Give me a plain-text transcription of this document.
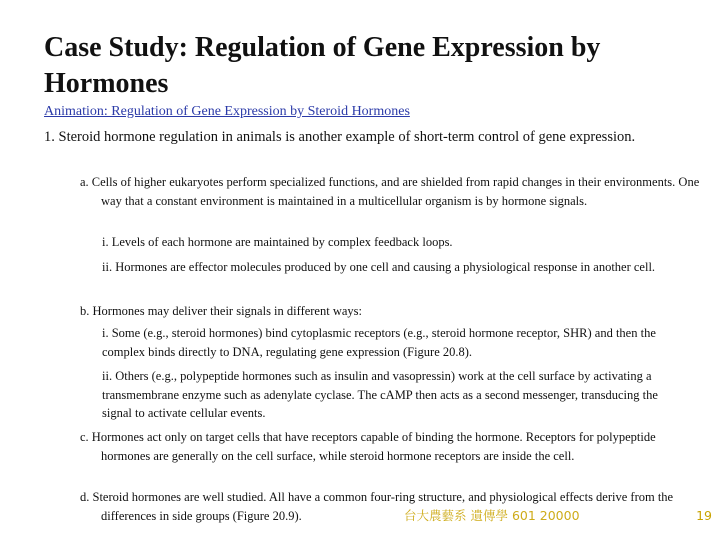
Case Study: Regulation of Gene Expression by Hormones
Animation: Regulation of Gene Expression by Steroid Hormones

1. Steroid hormone regulation in animals is another example of short-term control of gene expression.

a. Cells of higher eukaryotes perform specialized functions, and are shielded from rapid changes in their environments. One way that a constant environment is maintained in a multicellular organism is by hormone signals.

i. Levels of each hormone are maintained by complex feedback loops.

ii. Hormones are effector molecules produced by one cell and causing a physiological response in another cell.

b. Hormones may deliver their signals in different ways:

i. Some (e.g., steroid hormones) bind cytoplasmic receptors (e.g., steroid hormone receptor, SHR) and then the complex binds directly to DNA, regulating gene expression (Figure 20.8).

ii. Others (e.g., polypeptide hormones such as insulin and vasopressin) work at the cell surface by activating a transmembrane enzyme such as adenylate cyclase. The cAMP then acts as a second messenger, transducing the signal to activate cellular events.

c. Hormones act only on target cells that have receptors capable of binding the hormone. Receptors for polypeptide hormones are generally on the cell surface, while steroid hormone receptors are inside the cell.

d. Steroid hormones are well studied. All have a common four-ring structure, and physiological effects derive from the differences in side groups (Figure 20.9).	台大農藝系 遺傳學 601 20000	19
